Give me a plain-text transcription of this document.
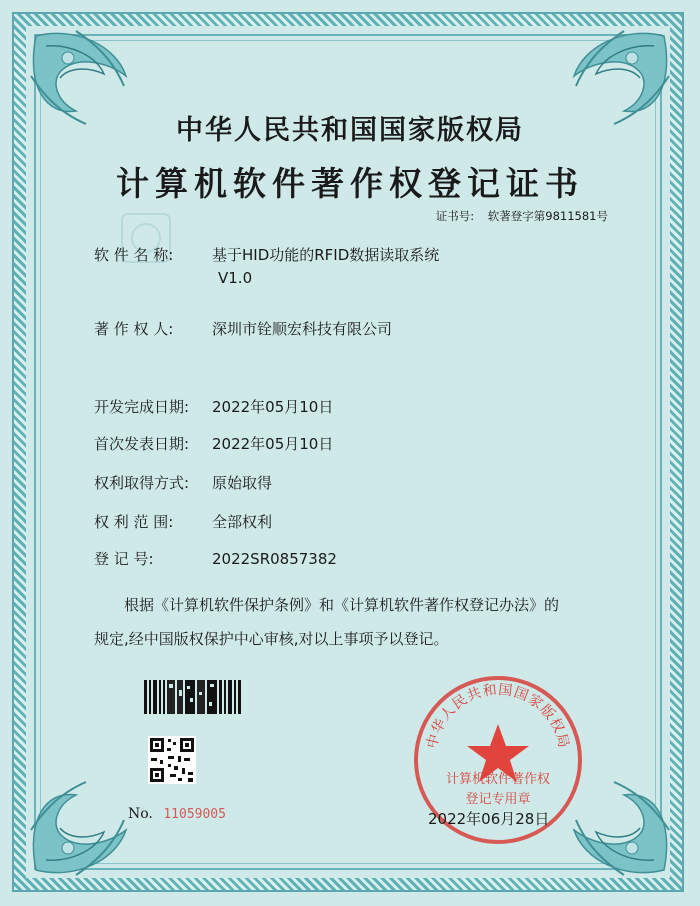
中华人民共和国国家版权局
计算机软件著作权登记证书
证书号: 软著登字第9811581号
软 件 名 称:	基于HID功能的RFID数据读取系统
V1.0
著 作 权 人:	深圳市铨顺宏科技有限公司
开发完成日期: 2022年05月10日
首次发表日期: 2022年05月10日
权利取得方式: 原始取得
权 利 范 围:	全部权利
登 记 号:	2022SR0857382
根据《计算机软件保护条例》和《计算机软件著作权登记办法》的
规定,经中国版权保护中心审核,对以上事项予以登记。
No. 11059005
中华人民共和国国家版权局
计算机软件著作权
登记专用章
2022年06月28日
